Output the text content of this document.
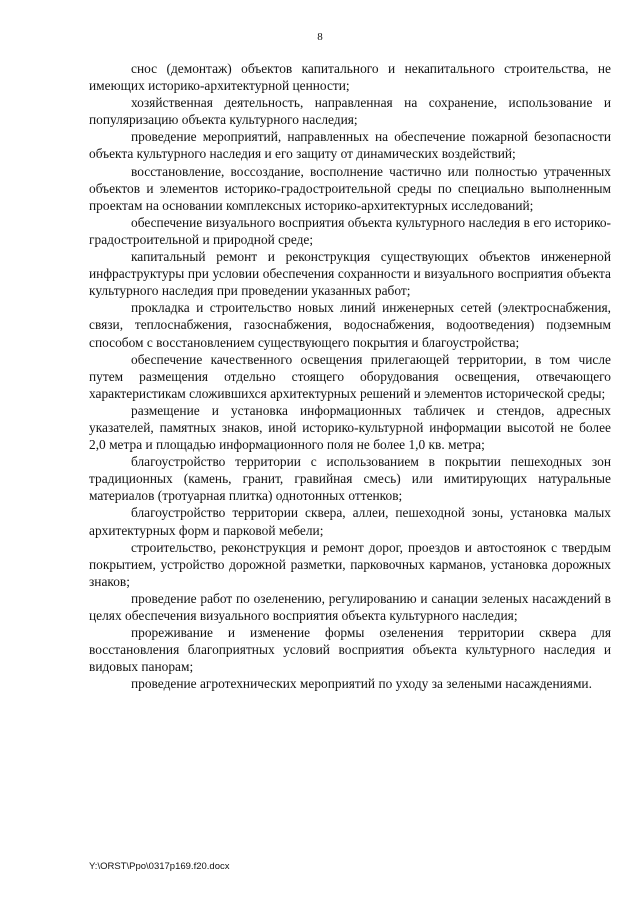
8

снос (демонтаж) объектов капитального и некапитального строительства, не имеющих историко-архитектурной ценности;

хозяйственная деятельность, направленная на сохранение, использование и популяризацию объекта культурного наследия;

проведение мероприятий, направленных на обеспечение пожарной безопасности объекта культурного наследия и его защиту от динамических воздействий;

восстановление, воссоздание, восполнение частично или полностью утраченных объектов и элементов историко-градостроительной среды по специально выполненным проектам на основании комплексных историко-архитектурных исследований;

обеспечение визуального восприятия объекта культурного наследия в его историко-градостроительной и природной среде;

капитальный ремонт и реконструкция существующих объектов инженерной инфраструктуры при условии обеспечения сохранности и визуального восприятия объекта культурного наследия при проведении указанных работ;

прокладка и строительство новых линий инженерных сетей (электроснабжения, связи, теплоснабжения, газоснабжения, водоснабжения, водоотведения) подземным способом с восстановлением существующего покрытия и благоустройства;

обеспечение качественного освещения прилегающей территории, в том числе путем размещения отдельно стоящего оборудования освещения, отвечающего характеристикам сложившихся архитектурных решений и элементов исторической среды;

размещение и установка информационных табличек и стендов, адресных указателей, памятных знаков, иной историко-культурной информации высотой не более 2,0 метра и площадью информационного поля не более 1,0 кв. метра;

благоустройство территории с использованием в покрытии пешеходных зон традиционных (камень, гранит, гравийная смесь) или имитирующих натуральные материалов (тротуарная плитка) однотонных оттенков;

благоустройство территории сквера, аллеи, пешеходной зоны, установка малых архитектурных форм и парковой мебели;

строительство, реконструкция и ремонт дорог, проездов и автостоянок с твердым покрытием, устройство дорожной разметки, парковочных карманов, установка дорожных знаков;

проведение работ по озеленению, регулированию и санации зеленых насаждений в целях обеспечения визуального восприятия объекта культурного наследия;

прореживание и изменение формы озеленения территории сквера для восстановления благоприятных условий восприятия объекта культурного наследия и видовых панорам;

проведение агротехнических мероприятий по уходу за зелеными насаждениями.

Y:\ORST\Ppo\0317p169.f20.docx
